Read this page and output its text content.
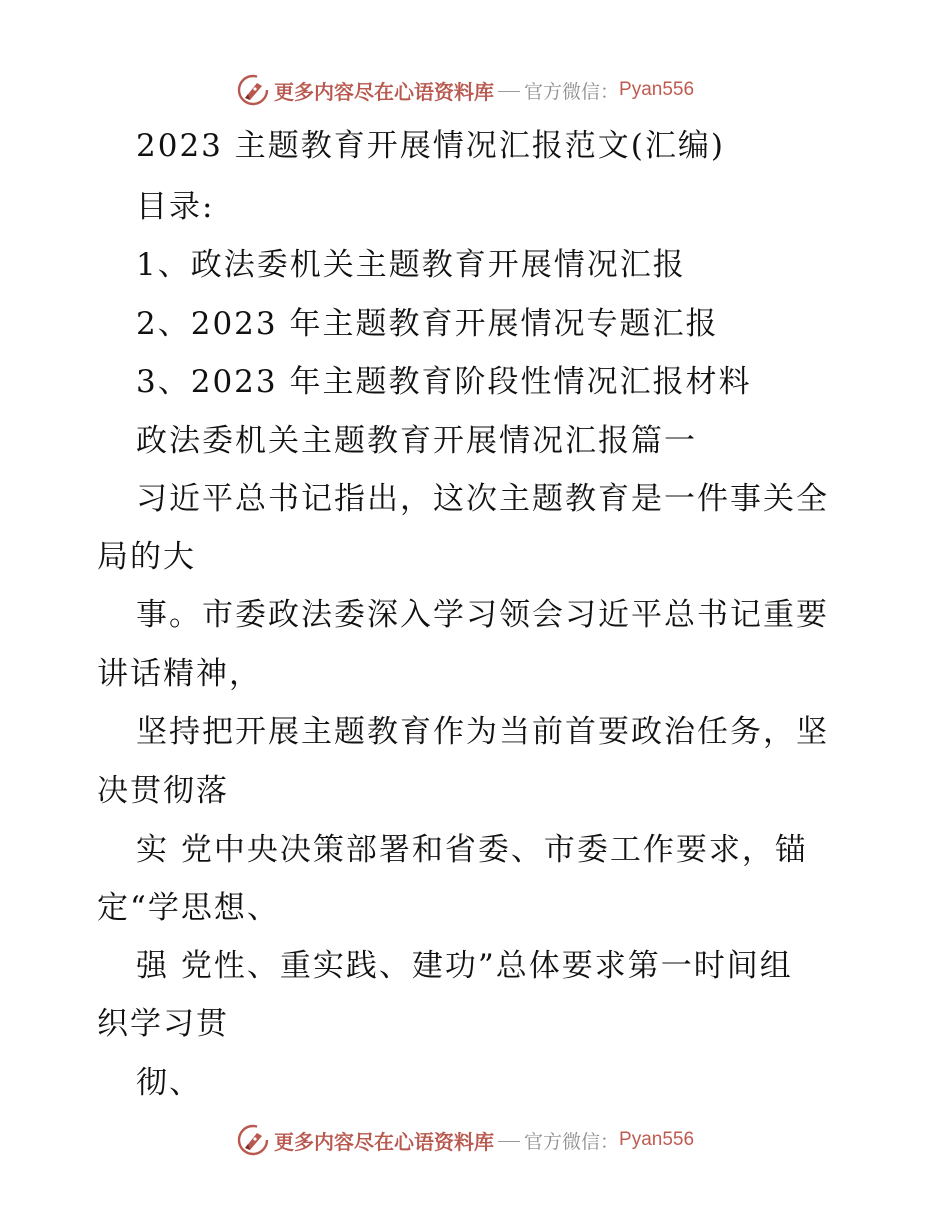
更多内容尽在心语资料库 官方微信： Pyan556
2023 主题教育开展情况汇报范文(汇编)
目录:
1、政法委机关主题教育开展情况汇报
2、2023 年主题教育开展情况专题汇报
3、2023 年主题教育阶段性情况汇报材料
政法委机关主题教育开展情况汇报篇一
习近平总书记指出，这次主题教育是一件事关全
局的大
事。市委政法委深入学习领会习近平总书记重要
讲话精神，
坚持把开展主题教育作为当前首要政治任务，坚
决贯彻落
实 党中央决策部署和省委、市委工作要求，锚
定“学思想、
强 党性、重实践、建功”总体要求第一时间组
织学习贯
彻、
更多内容尽在心语资料库 官方微信： Pyan556
